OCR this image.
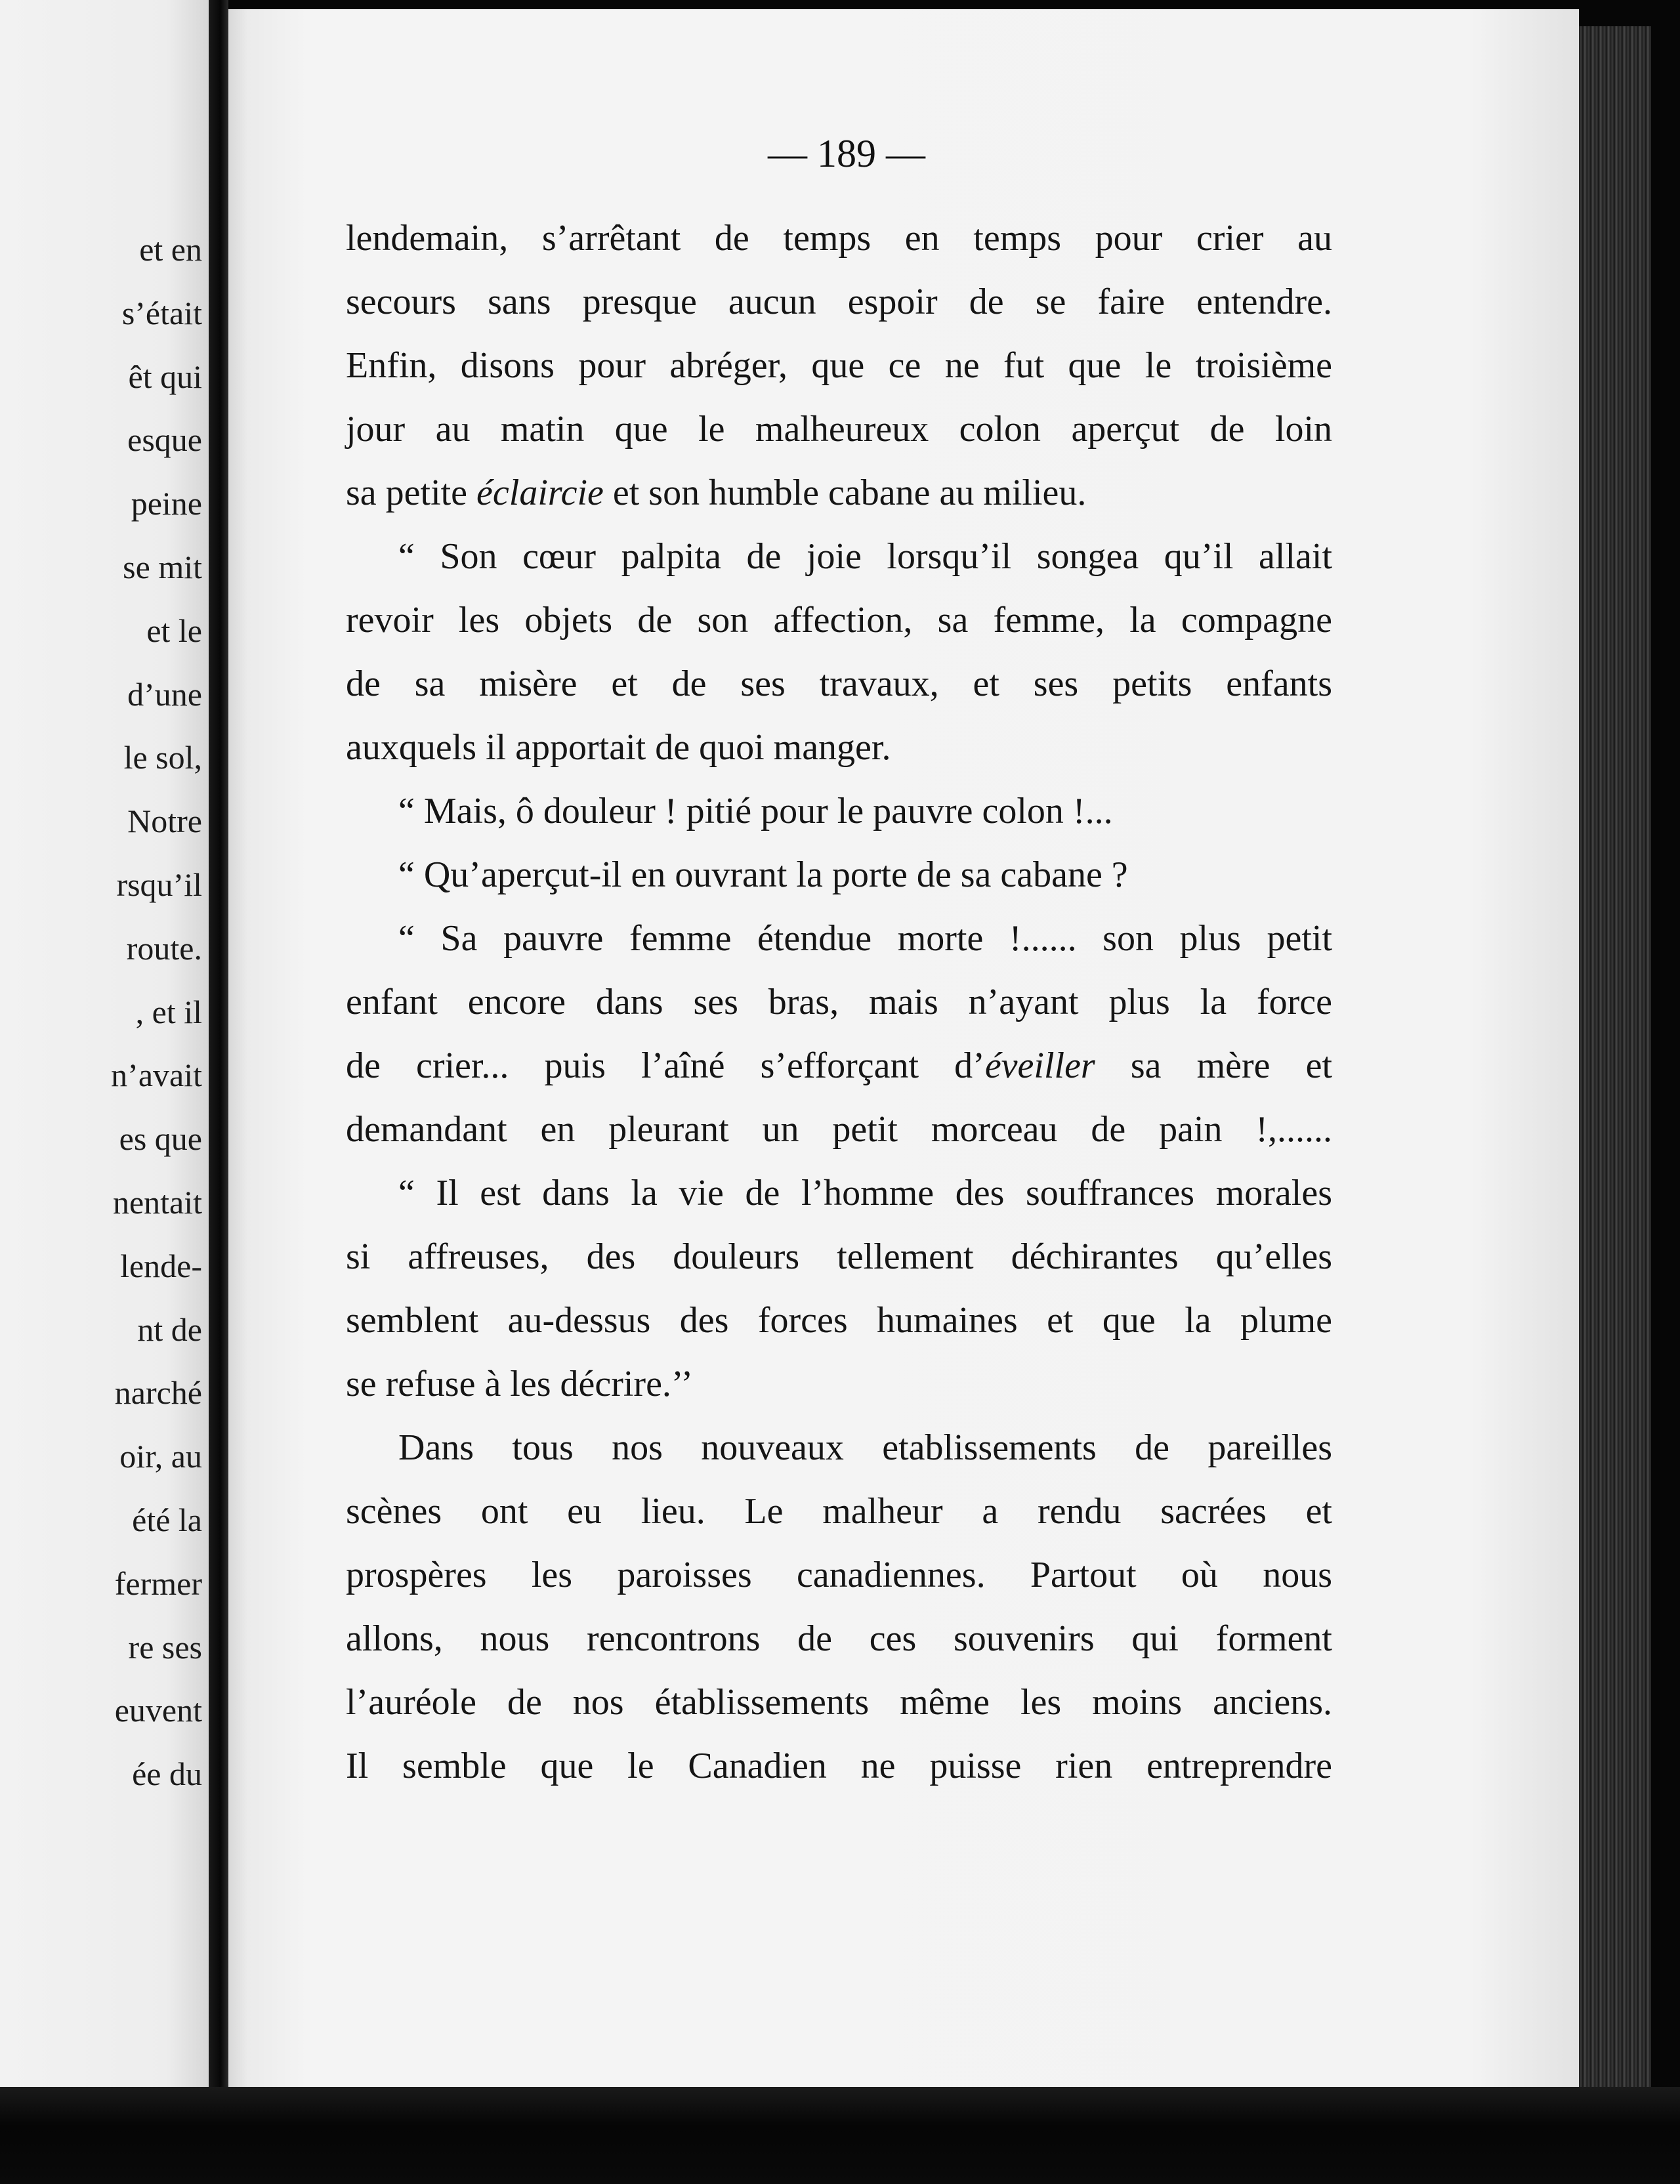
et en
s’était
êt qui
esque
peine
se mit
et le
d’une
le sol,
Notre
rsqu’il
route.
, et il
n’avait
es que
nentait
lende-
nt de
narché
oir, au
été la
fermer
re ses
euvent
ée du
— 189 —
lendemain, s’arrêtant de temps en temps pour crier au
secours sans presque aucun espoir de se faire entendre.
Enfin, disons pour abréger, que ce ne fut que le troisième
jour au matin que le malheureux colon aperçut de loin
sa petite éclaircie et son humble cabane au milieu.
“ Son cœur palpita de joie lorsqu’il songea qu’il allait
revoir les objets de son affection, sa femme, la compagne
de sa misère et de ses travaux, et ses petits enfants
auxquels il apportait de quoi manger.
“ Mais, ô douleur ! pitié pour le pauvre colon !...
“ Qu’aperçut-il en ouvrant la porte de sa cabane ?
“ Sa pauvre femme étendue morte !...... son plus petit
enfant encore dans ses bras, mais n’ayant plus la force
de crier... puis l’aîné s’efforçant d’éveiller sa mère et
demandant en pleurant un petit morceau de pain !,......
“ Il est dans la vie de l’homme des souffrances morales
si affreuses, des douleurs tellement déchirantes qu’elles
semblent au-dessus des forces humaines et que la plume
se refuse à les décrire.’’
Dans tous nos nouveaux etablissements de pareilles
scènes ont eu lieu. Le malheur a rendu sacrées et
prospères les paroisses canadiennes. Partout où nous
allons, nous rencontrons de ces souvenirs qui forment
l’auréole de nos établissements même les moins anciens.
Il semble que le Canadien ne puisse rien entreprendre
